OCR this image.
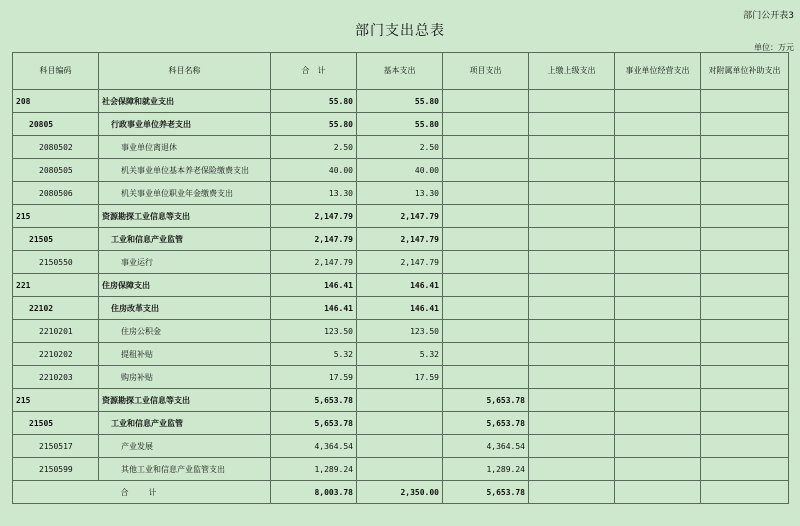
部门公开表3
部门支出总表
单位：万元
科目编码	科目名称	合　计	基本支出	项目支出	上缴上级支出	事业单位经营支出	对附属单位补助支出
208	社会保障和就业支出	55.80	55.80				
20805	行政事业单位养老支出	55.80	55.80				
2080502	事业单位离退休	2.50	2.50				
2080505	机关事业单位基本养老保险缴费支出	40.00	40.00				
2080506	机关事业单位职业年金缴费支出	13.30	13.30				
215	资源勘探工业信息等支出	2,147.79	2,147.79				
21505	工业和信息产业监管	2,147.79	2,147.79				
2150550	事业运行	2,147.79	2,147.79				
221	住房保障支出	146.41	146.41				
22102	住房改革支出	146.41	146.41				
2210201	住房公积金	123.50	123.50				
2210202	提租补贴	5.32	5.32				
2210203	购房补贴	17.59	17.59				
215	资源勘探工业信息等支出	5,653.78		5,653.78			
21505	工业和信息产业监管	5,653.78		5,653.78			
2150517	产业发展	4,364.54		4,364.54			
2150599	其他工业和信息产业监管支出	1,289.24		1,289.24			
合　计		8,003.78	2,350.00	5,653.78			
